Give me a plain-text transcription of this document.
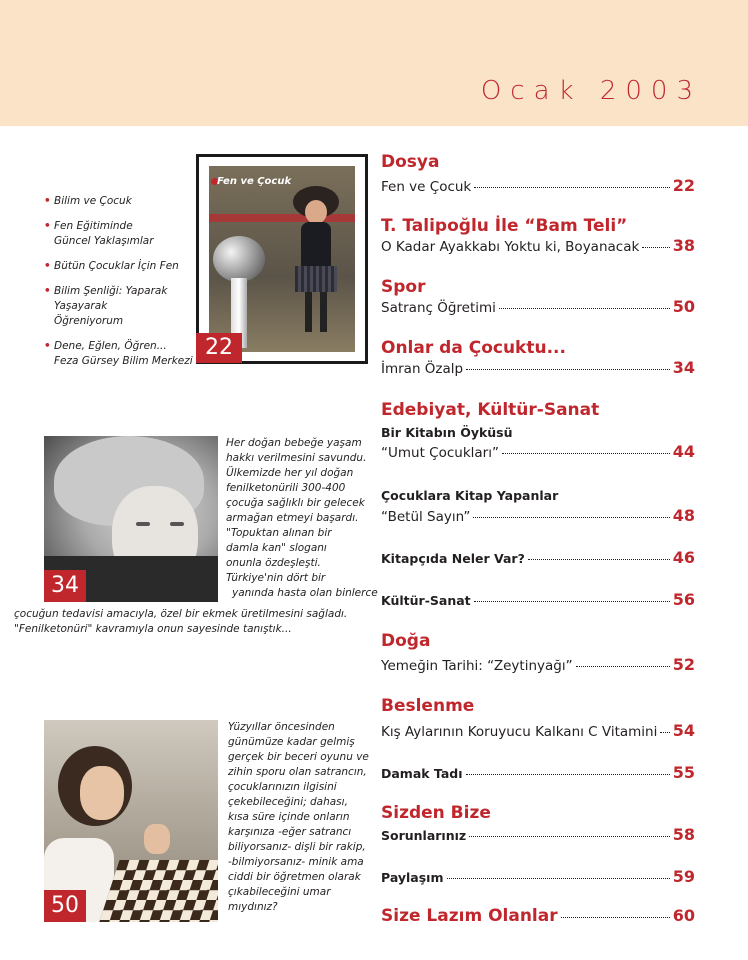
Ocak 2003
• Bilim ve Çocuk
• Fen Eğitiminde Güncel Yaklaşımlar
• Bütün Çocuklar İçin Fen
• Bilim Şenliği: Yaparak Yaşayarak Öğreniyorum
• Dene, Eğlen, Öğren... Feza Gürsey Bilim Merkezi
Fen ve Çocuk
22
34
Her doğan bebeğe yaşam
hakkı verilmesini savundu.
Ülkemizde her yıl doğan
fenilketonürili 300-400
çocuğa sağlıklı bir gelecek
armağan etmeyi başardı.
"Topuktan alınan bir
damla kan" sloganı
onunla özdeşleşti.
Türkiye'nin dört bir
yanında hasta olan binlerce
çocuğun tedavisi amacıyla, özel bir ekmek üretilmesini sağladı.
"Fenilketonüri" kavramıyla onun sayesinde tanıştık...
50
Yüzyıllar öncesinden
günümüze kadar gelmiş
gerçek bir beceri oyunu ve
zihin sporu olan satrancın,
çocuklarınızın ilgisini
çekebileceğini; dahası,
kısa süre içinde onların
karşınıza -eğer satrancı
biliyorsanız- dişli bir rakip,
-bilmiyorsanız- minik ama
ciddi bir öğretmen olarak
çıkabileceğini umar
mıydınız?
Dosya
Fen ve Çocuk	22
T. Talipoğlu İle “Bam Teli”
O Kadar Ayakkabı Yoktu ki, Boyanacak 38
Spor
Satranç Öğretimi	50
Onlar da Çocuktu...
İmran Özalp	34
Edebiyat, Kültür-Sanat
Bir Kitabın Öyküsü
“Umut Çocukları”	44
Çocuklara Kitap Yapanlar
“Betül Sayın”	48
Kitapçıda Neler Var?	46
Kültür-Sanat	56
Doğa
Yemeğin Tarihi: “Zeytinyağı”	52
Beslenme
Kış Aylarının Koruyucu Kalkanı C Vitamini 54
Damak Tadı	55
Sizden Bize
Sorunlarınız	58
Paylaşım	59
Size Lazım Olanlar	60
